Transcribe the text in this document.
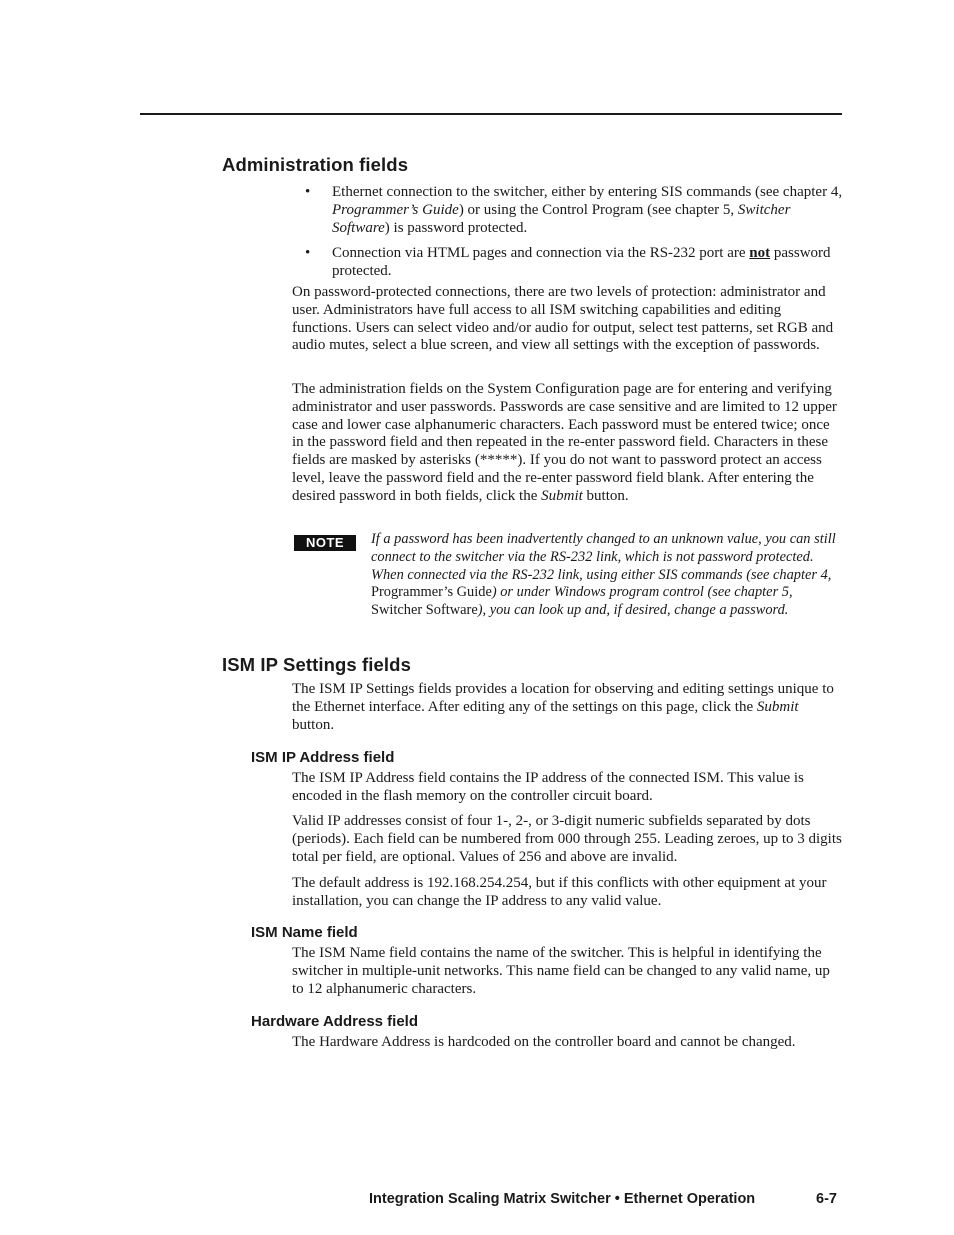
Administration fields
• Ethernet connection to the switcher, either by entering SIS commands (see chapter 4, Programmer’s Guide) or using the Control Program (see chapter 5, Switcher Software) is password protected.

• Connection via HTML pages and connection via the RS-232 port are not password protected.

On password-protected connections, there are two levels of protection: administrator and user. Administrators have full access to all ISM switching capabilities and editing functions. Users can select video and/or audio for output, select test patterns, set RGB and audio mutes, select a blue screen, and view all settings with the exception of passwords.

The administration fields on the System Configuration page are for entering and verifying administrator and user passwords. Passwords are case sensitive and are limited to 12 upper case and lower case alphanumeric characters. Each password must be entered twice; once in the password field and then repeated in the re-enter password field. Characters in these fields are masked by asterisks (*****). If you do not want to password protect an access level, leave the password field and the re-enter password field blank. After entering the desired password in both fields, click the Submit button.

NOTE	If a password has been inadvertently changed to an unknown value, you can still connect to the switcher via the RS-232 link, which is not password protected. When connected via the RS-232 link, using either SIS commands (see chapter 4, Programmer’s Guide) or under Windows program control (see chapter 5, Switcher Software), you can look up and, if desired, change a password.

ISM IP Settings fields

The ISM IP Settings fields provides a location for observing and editing settings unique to the Ethernet interface. After editing any of the settings on this page, click the Submit button.

ISM IP Address field

The ISM IP Address field contains the IP address of the connected ISM. This value is encoded in the flash memory on the controller circuit board.

Valid IP addresses consist of four 1-, 2-, or 3-digit numeric subfields separated by dots (periods). Each field can be numbered from 000 through 255. Leading zeroes, up to 3 digits total per field, are optional. Values of 256 and above are invalid.

The default address is 192.168.254.254, but if this conflicts with other equipment at your installation, you can change the IP address to any valid value.

ISM Name field

The ISM Name field contains the name of the switcher. This is helpful in identifying the switcher in multiple-unit networks. This name field can be changed to any valid name, up to 12 alphanumeric characters.

Hardware Address field

The Hardware Address is hardcoded on the controller board and cannot be changed.

Integration Scaling Matrix Switcher • Ethernet Operation	6-7
